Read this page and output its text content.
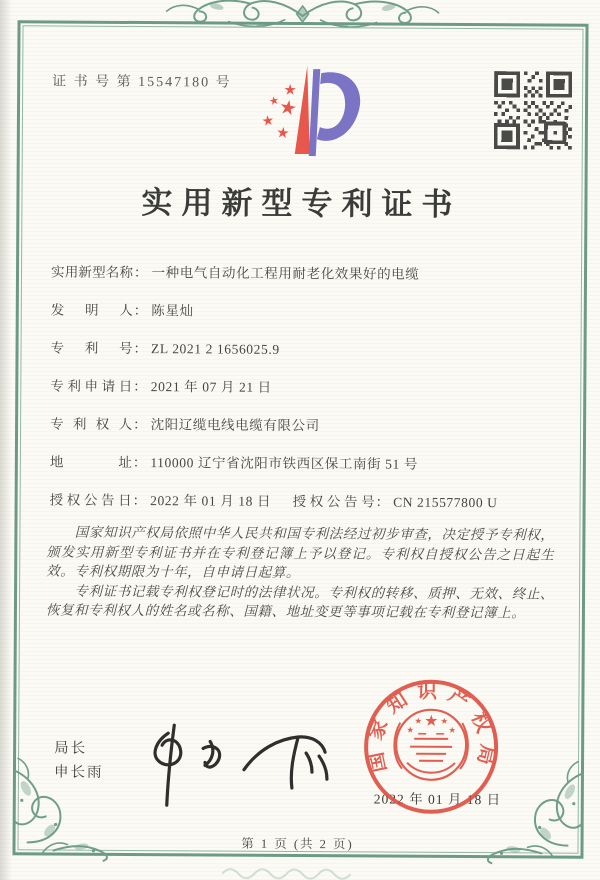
证 书 号 第 15547180 号
实用新型专利证书
实用新型名称： 一种电气自动化工程用耐老化效果好的电缆
发明人： 陈星灿
专利号： ZL 2021 2 1656025.9
专利申请日： 2021 年 07 月 21 日
专利权人： 沈阳辽缆电线电缆有限公司
地址： 110000 辽宁省沈阳市铁西区保工南街 51 号
授权公告日： 2022 年 01 月 18 日 授权公告号： CN 215577800 U

国家知识产权局依照中华人民共和国专利法经过初步审查，决定授予专利权，颁发实用新型专利证书并在专利登记簿上予以登记。专利权自授权公告之日起生效。专利权期限为十年，自申请日起算。

专利证书记载专利权登记时的法律状况。专利权的转移、质押、无效、终止、恢复和专利权人的姓名或名称、国籍、地址变更等事项记载在专利登记簿上。

局长
申长雨
2022 年 01 月 18 日
国家知识产权局
第 1 页 (共 2 页)
